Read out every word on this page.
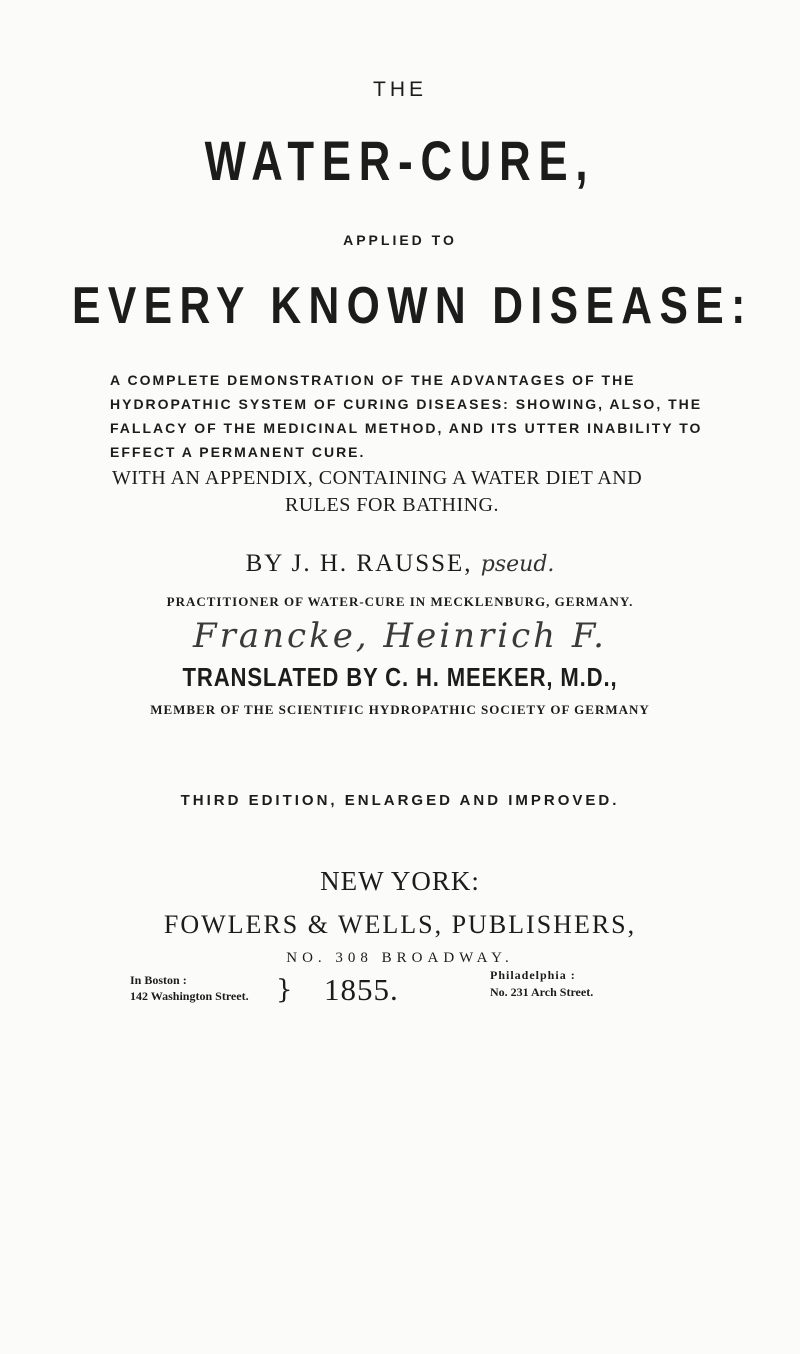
THE
WATER-CURE,
APPLIED TO
EVERY KNOWN DISEASE:
A COMPLETE DEMONSTRATION OF THE ADVANTAGES OF THE HYDROPATHIC SYSTEM OF CURING DISEASES: SHOWING, ALSO, THE FALLACY OF THE MEDICINAL METHOD, AND ITS UTTER INABILITY TO EFFECT A PERMANENT CURE.
WITH AN APPENDIX, CONTAINING A WATER DIET AND

RULES FOR BATHING.
BY J. H. RAUSSE, pseud.
PRACTITIONER OF WATER-CURE IN MECKLENBURG, GERMANY.
Francke, Heinrich F.
TRANSLATED BY C. H. MEEKER, M.D.,
MEMBER OF THE SCIENTIFIC HYDROPATHIC SOCIETY OF GERMANY
THIRD EDITION, ENLARGED AND IMPROVED.
NEW YORK:
FOWLERS & WELLS, PUBLISHERS,
NO. 308 BROADWAY.
In Boston :
142 Washington Street. } 1855.	Philadelphia :
No. 231 Arch Street.
